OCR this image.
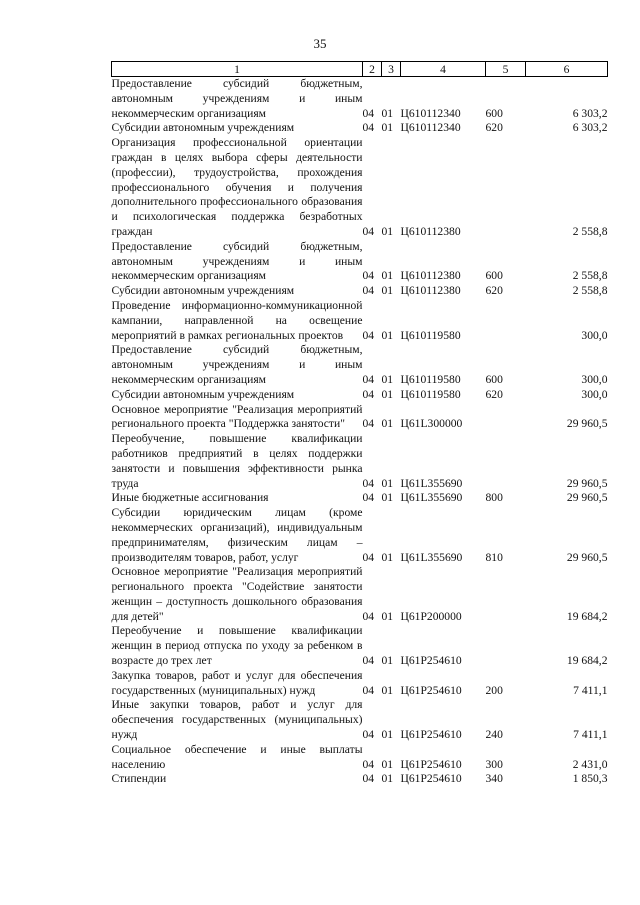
35
1	2	3	4	5	6
Предоставление субсидий бюджетным, автономным учреждениям и иным некоммерческим организациям	04	01	Ц610112340	600	6 303,2
Субсидии автономным учреждениям	04	01	Ц610112340	620	6 303,2
Организация профессиональной ориентации граждан в целях выбора сферы деятельности (профессии), трудоустройства, прохождения профессионального обучения и получения дополнительного профессионального образования и психологическая поддержка безработных граждан	04	01	Ц610112380		2 558,8
Предоставление субсидий бюджетным, автономным учреждениям и иным некоммерческим организациям	04	01	Ц610112380	600	2 558,8
Субсидии автономным учреждениям	04	01	Ц610112380	620	2 558,8
Проведение информационно-коммуникационной кампании, направленной на освещение мероприятий в рамках региональных проектов	04	01	Ц610119580		300,0
Предоставление субсидий бюджетным, автономным учреждениям и иным некоммерческим организациям	04	01	Ц610119580	600	300,0
Субсидии автономным учреждениям	04	01	Ц610119580	620	300,0
Основное мероприятие "Реализация мероприятий регионального проекта "Поддержка занятости"	04	01	Ц61L300000		29 960,5
Переобучение, повышение квалификации работников предприятий в целях поддержки занятости и повышения эффективности рынка труда	04	01	Ц61L355690		29 960,5
Иные бюджетные ассигнования	04	01	Ц61L355690	800	29 960,5
Субсидии юридическим лицам (кроме некоммерческих организаций), индивидуальным предпринимателям, физическим лицам – производителям товаров, работ, услуг	04	01	Ц61L355690	810	29 960,5
Основное мероприятие "Реализация мероприятий регионального проекта "Содействие занятости женщин – доступность дошкольного образования для детей"	04	01	Ц61P200000		19 684,2
Переобучение и повышение квалификации женщин в период отпуска по уходу за ребенком в возрасте до трех лет	04	01	Ц61P254610		19 684,2
Закупка товаров, работ и услуг для обеспечения государственных (муниципальных) нужд	04	01	Ц61P254610	200	7 411,1
Иные закупки товаров, работ и услуг для обеспечения государственных (муниципальных) нужд	04	01	Ц61P254610	240	7 411,1
Социальное обеспечение и иные выплаты населению	04	01	Ц61P254610	300	2 431,0
Стипендии	04	01	Ц61P254610	340	1 850,3
